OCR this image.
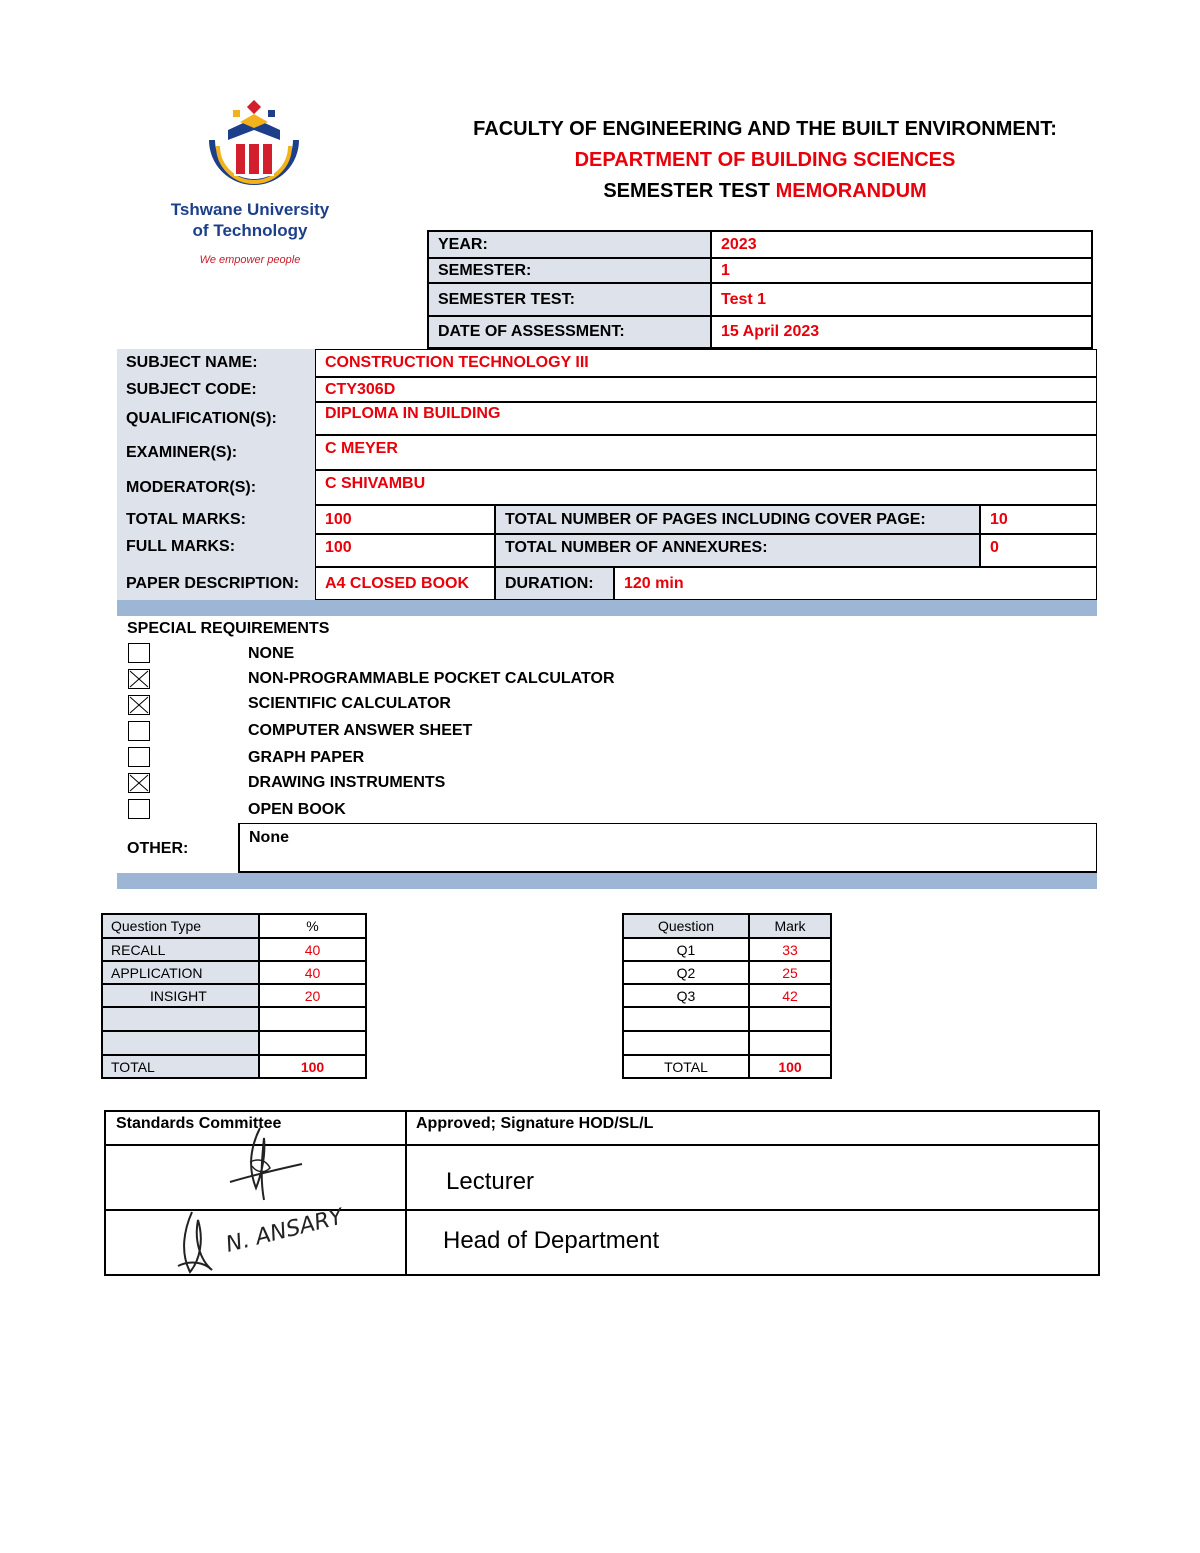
Tshwane University
of Technology
We empower people
FACULTY OF ENGINEERING AND THE BUILT ENVIRONMENT:
DEPARTMENT OF BUILDING SCIENCES
SEMESTER TEST MEMORANDUM
YEAR:	2023
SEMESTER:	1
SEMESTER TEST:	Test 1
DATE OF ASSESSMENT:	15 April 2023
SUBJECT NAME:	CONSTRUCTION TECHNOLOGY III
SUBJECT CODE:	CTY306D
QUALIFICATION(S):	DIPLOMA IN BUILDING
EXAMINER(S):	C MEYER
MODERATOR(S):	C SHIVAMBU
TOTAL MARKS:	100	TOTAL NUMBER OF PAGES INCLUDING COVER PAGE:	10
FULL MARKS:	100	TOTAL NUMBER OF ANNEXURES:	0
PAPER DESCRIPTION:	A4 CLOSED BOOK	DURATION:	120 min
SPECIAL REQUIREMENTS
NONE
NON-PROGRAMMABLE POCKET CALCULATOR
SCIENTIFIC CALCULATOR
COMPUTER ANSWER SHEET
GRAPH PAPER
DRAWING INSTRUMENTS
OPEN BOOK
OTHER:
None
Question Type	%
RECALL	40
APPLICATION	40
INSIGHT	20
TOTAL	100
Question	Mark
Q1	33
Q2	25
Q3	42
TOTAL	100
Standards Committee	Approved; Signature HOD/SL/L
N. ANSARY
Lecturer
Head of Department
